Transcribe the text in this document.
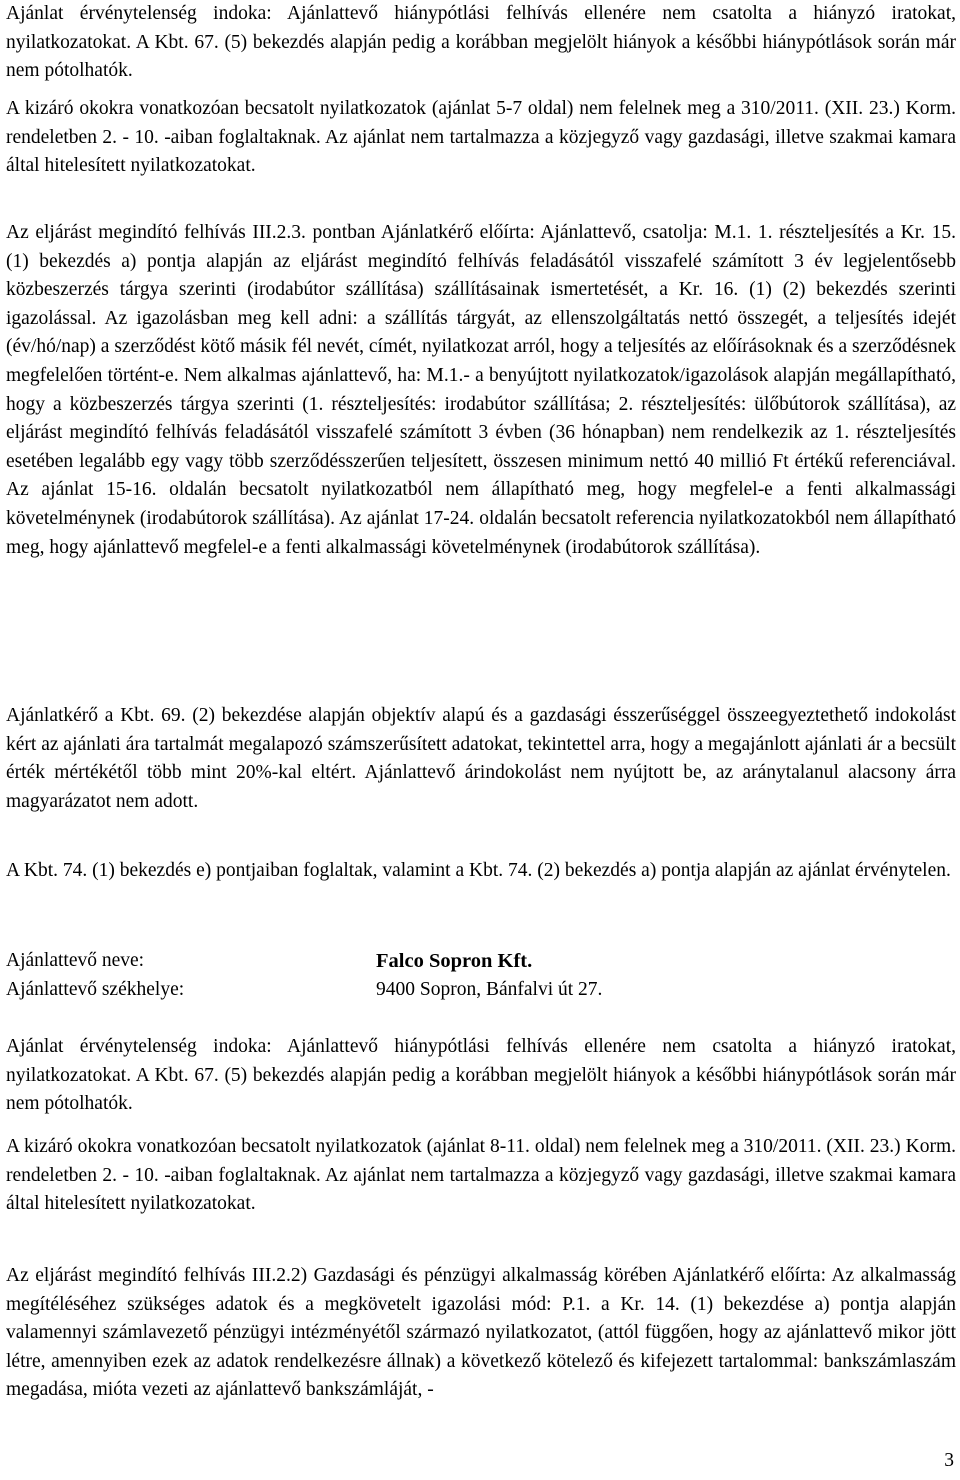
Ajánlat érvénytelenség indoka: Ajánlattevő hiánypótlási felhívás ellenére nem csatolta a hiányzó iratokat, nyilatkozatokat. A Kbt. 67. (5) bekezdés alapján pedig a korábban megjelölt hiányok a későbbi hiánypótlások során már nem pótolhatók.

A kizáró okokra vonatkozóan becsatolt nyilatkozatok (ajánlat 5-7 oldal) nem felelnek meg a 310/2011. (XII. 23.) Korm. rendeletben 2. - 10. -aiban foglaltaknak. Az ajánlat nem tartalmazza a közjegyző vagy gazdasági, illetve szakmai kamara által hitelesített nyilatkozatokat.

Az eljárást megindító felhívás III.2.3. pontban Ajánlatkérő előírta: Ajánlattevő, csatolja: M.1. 1. részteljesítés a Kr. 15. (1) bekezdés a) pontja alapján az eljárást megindító felhívás feladásától visszafelé számított 3 év legjelentősebb közbeszerzés tárgya szerinti (irodabútor szállítása) szállításainak ismertetését, a Kr. 16. (1) (2) bekezdés szerinti igazolással. Az igazolásban meg kell adni: a szállítás tárgyát, az ellenszolgáltatás nettó összegét, a teljesítés idejét (év/hó/nap) a szerződést kötő másik fél nevét, címét, nyilatkozat arról, hogy a teljesítés az előírásoknak és a szerződésnek megfelelően történt-e. Nem alkalmas ajánlattevő, ha: M.1.- a benyújtott nyilatkozatok/igazolások alapján megállapítható, hogy a közbeszerzés tárgya szerinti (1. részteljesítés: irodabútor szállítása; 2. részteljesítés: ülőbútorok szállítása), az eljárást megindító felhívás feladásától visszafelé számított 3 évben (36 hónapban) nem rendelkezik az 1. részteljesítés esetében legalább egy vagy több szerződésszerűen teljesített, összesen minimum nettó 40 millió Ft értékű referenciával. Az ajánlat 15-16. oldalán becsatolt nyilatkozatból nem állapítható meg, hogy megfelel-e a fenti alkalmassági követelménynek (irodabútorok szállítása). Az ajánlat 17-24. oldalán becsatolt referencia nyilatkozatokból nem állapítható meg, hogy ajánlattevő megfelel-e a fenti alkalmassági követelménynek (irodabútorok szállítása).

Ajánlatkérő a Kbt. 69. (2) bekezdése alapján objektív alapú és a gazdasági ésszerűséggel összeegyeztethető indokolást kért az ajánlati ára tartalmát megalapozó számszerűsített adatokat, tekintettel arra, hogy a megajánlott ajánlati ár a becsült érték mértékétől több mint 20%-kal eltért. Ajánlattevő árindokolást nem nyújtott be, az aránytalanul alacsony árra magyarázatot nem adott.

A Kbt. 74. (1) bekezdés e) pontjaiban foglaltak, valamint a Kbt. 74. (2) bekezdés a) pontja alapján az ajánlat érvénytelen.

Ajánlattevő neve:	Falco Sopron Kft.
Ajánlattevő székhelye:	9400 Sopron, Bánfalvi út 27.

Ajánlat érvénytelenség indoka: Ajánlattevő hiánypótlási felhívás ellenére nem csatolta a hiányzó iratokat, nyilatkozatokat. A Kbt. 67. (5) bekezdés alapján pedig a korábban megjelölt hiányok a későbbi hiánypótlások során már nem pótolhatók.

A kizáró okokra vonatkozóan becsatolt nyilatkozatok (ajánlat 8-11. oldal) nem felelnek meg a 310/2011. (XII. 23.) Korm. rendeletben 2. - 10. -aiban foglaltaknak. Az ajánlat nem tartalmazza a közjegyző vagy gazdasági, illetve szakmai kamara által hitelesített nyilatkozatokat.

Az eljárást megindító felhívás III.2.2) Gazdasági és pénzügyi alkalmasság körében Ajánlatkérő előírta: Az alkalmasság megítéléséhez szükséges adatok és a megkövetelt igazolási mód: P.1. a Kr. 14. (1) bekezdése a) pontja alapján valamennyi számlavezető pénzügyi intézményétől származó nyilatkozatot, (attól függően, hogy az ajánlattevő mikor jött létre, amennyiben ezek az adatok rendelkezésre állnak) a következő kötelező és kifejezett tartalommal: bankszámlaszám megadása, mióta vezeti az ajánlattevő bankszámláját, -

3
